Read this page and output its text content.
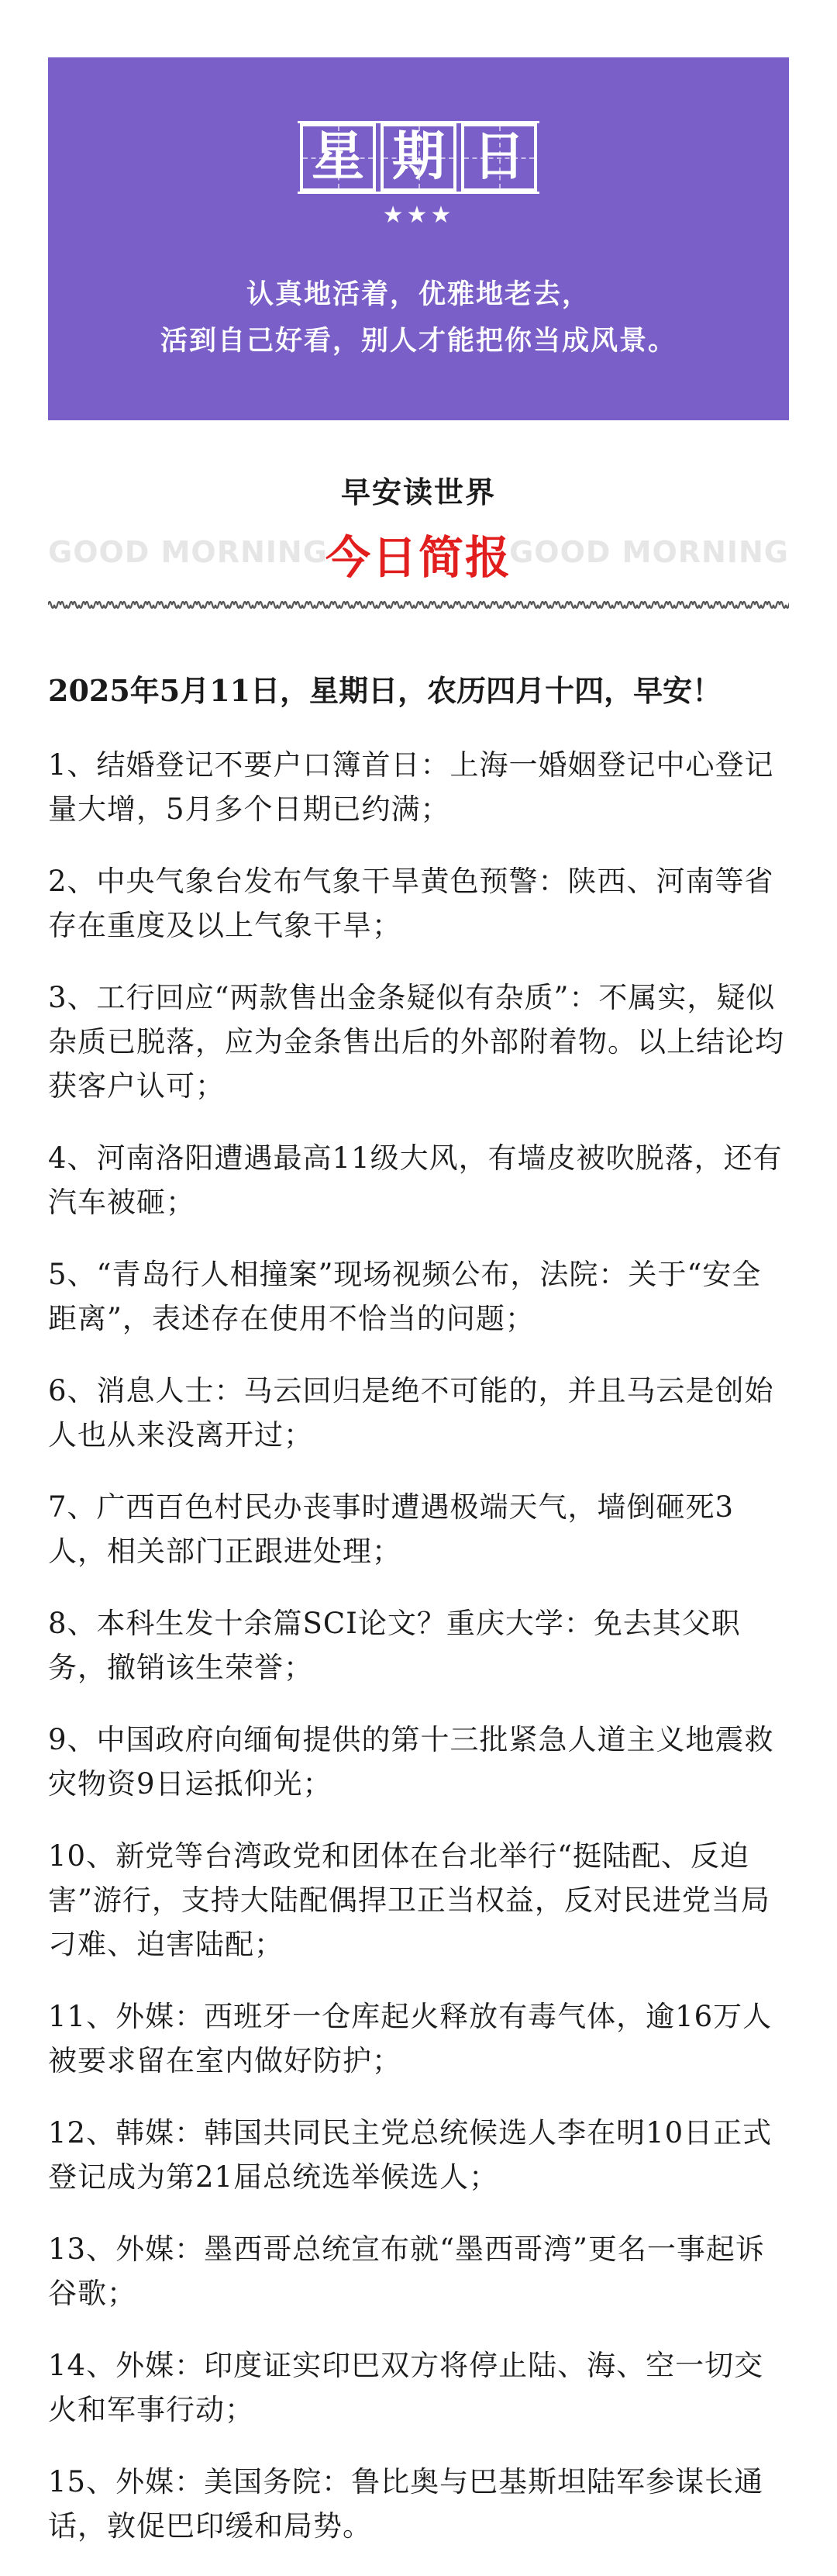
星 期 日
★★★
认真地活着，优雅地老去，
活到自己好看，别人才能把你当成风景。
早安读世界
GOOD MORNING
今日简报
GOOD MORNING

2025年5月11日，星期日，农历四月十四，早安！

1、结婚登记不要户口簿首日：上海一婚姻登记中心登记量大增，5月多个日期已约满；

2、中央气象台发布气象干旱黄色预警：陕西、河南等省存在重度及以上气象干旱；

3、工行回应“两款售出金条疑似有杂质”：不属实，疑似杂质已脱落，应为金条售出后的外部附着物。以上结论均获客户认可；

4、河南洛阳遭遇最高11级大风，有墙皮被吹脱落，还有汽车被砸；

5、“青岛行人相撞案”现场视频公布，法院：关于“安全距离”，表述存在使用不恰当的问题；

6、消息人士：马云回归是绝不可能的，并且马云是创始人也从来没离开过；

7、广西百色村民办丧事时遭遇极端天气，墙倒砸死3人，相关部门正跟进处理；

8、本科生发十余篇SCI论文？重庆大学：免去其父职务，撤销该生荣誉；

9、中国政府向缅甸提供的第十三批紧急人道主义地震救灾物资9日运抵仰光；

10、新党等台湾政党和团体在台北举行“挺陆配、反迫害”游行，支持大陆配偶捍卫正当权益，反对民进党当局刁难、迫害陆配；

11、外媒：西班牙一仓库起火释放有毒气体，逾16万人被要求留在室内做好防护；

12、韩媒：韩国共同民主党总统候选人李在明10日正式登记成为第21届总统选举候选人；

13、外媒：墨西哥总统宣布就“墨西哥湾”更名一事起诉谷歌；

14、外媒：印度证实印巴双方将停止陆、海、空一切交火和军事行动；

15、外媒：美国务院：鲁比奥与巴基斯坦陆军参谋长通话，敦促巴印缓和局势。
